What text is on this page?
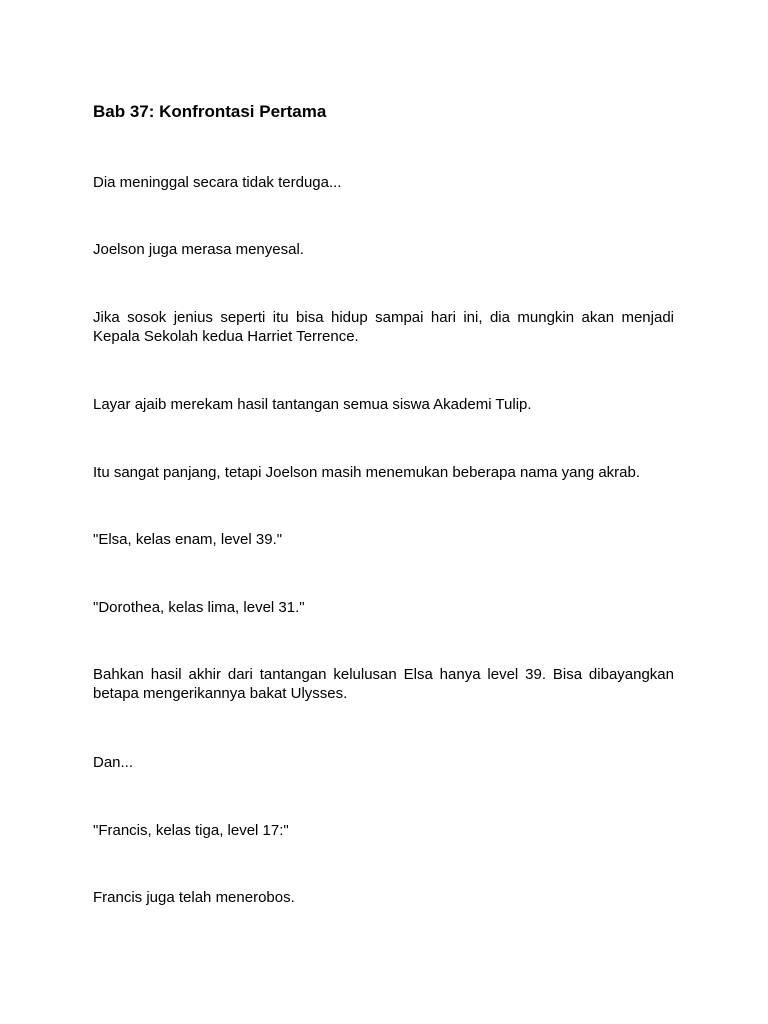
Bab 37: Konfrontasi Pertama

Dia meninggal secara tidak terduga...

Joelson juga merasa menyesal.

Jika sosok jenius seperti itu bisa hidup sampai hari ini, dia mungkin akan menjadi Kepala Sekolah kedua Harriet Terrence.

Layar ajaib merekam hasil tantangan semua siswa Akademi Tulip.

Itu sangat panjang, tetapi Joelson masih menemukan beberapa nama yang akrab.

"Elsa, kelas enam, level 39."

"Dorothea, kelas lima, level 31."

Bahkan hasil akhir dari tantangan kelulusan Elsa hanya level 39. Bisa dibayangkan betapa mengerikannya bakat Ulysses.

Dan...

"Francis, kelas tiga, level 17:"

Francis juga telah menerobos.
